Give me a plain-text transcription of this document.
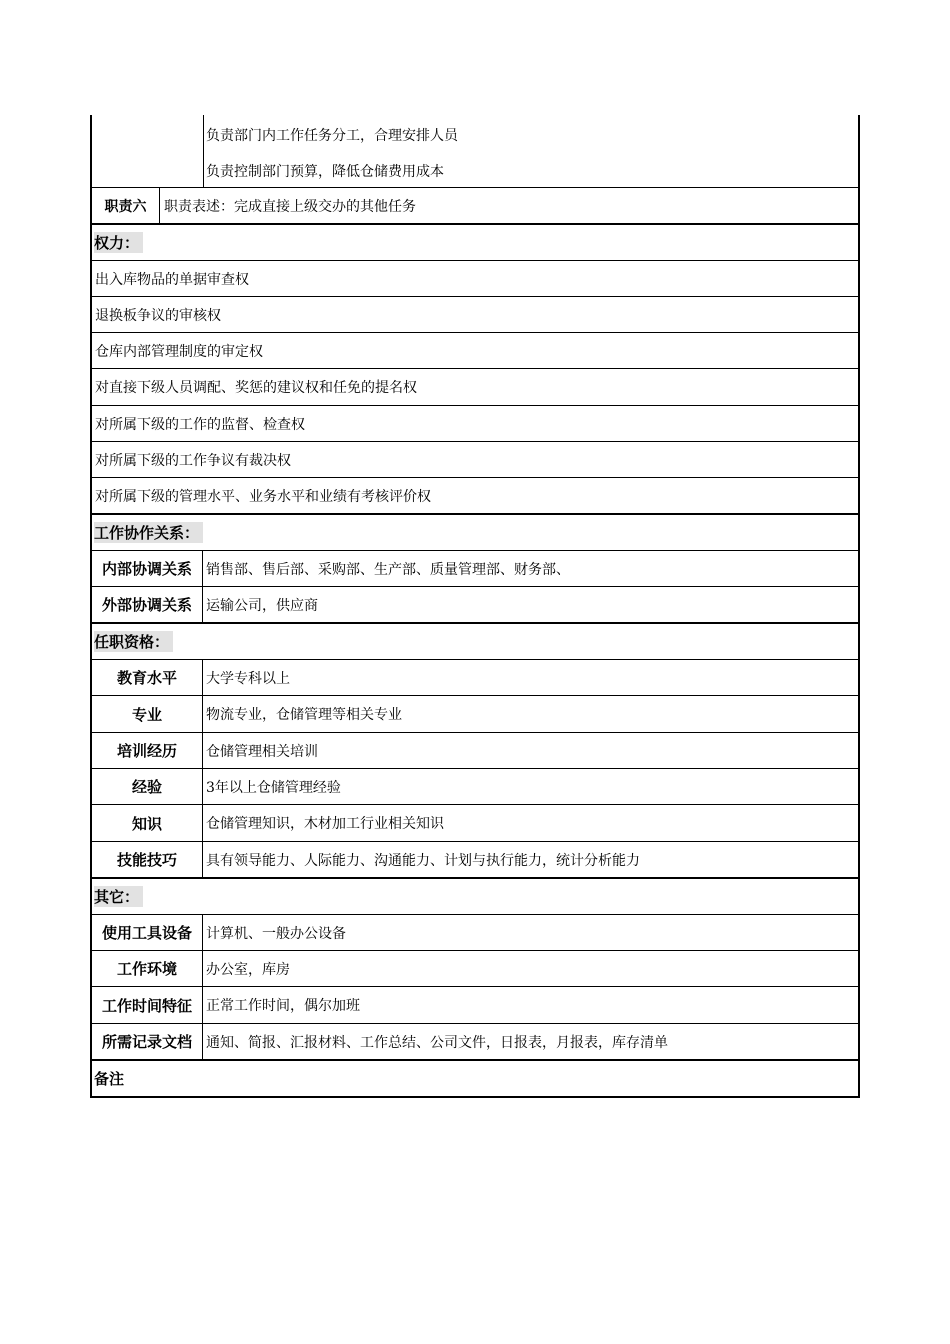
负责部门内工作任务分工，合理安排人员
负责控制部门预算，降低仓储费用成本
职责六	职责表述：完成直接上级交办的其他任务
权力：
出入库物品的单据审查权
退换板争议的审核权
仓库内部管理制度的审定权
对直接下级人员调配、奖惩的建议权和任免的提名权
对所属下级的工作的监督、检查权
对所属下级的工作争议有裁决权
对所属下级的管理水平、业务水平和业绩有考核评价权
工作协作关系：
内部协调关系	销售部、售后部、采购部、生产部、质量管理部、财务部、
外部协调关系	运输公司，供应商
任职资格：
教育水平	大学专科以上
专业	物流专业，仓储管理等相关专业
培训经历	仓储管理相关培训
经验	3年以上仓储管理经验
知识	仓储管理知识，木材加工行业相关知识
技能技巧	具有领导能力、人际能力、沟通能力、计划与执行能力，统计分析能力
其它：
使用工具设备	计算机、一般办公设备
工作环境	办公室，库房
工作时间特征	正常工作时间，偶尔加班
所需记录文档	通知、简报、汇报材料、工作总结、公司文件，日报表，月报表，库存清单
备注
